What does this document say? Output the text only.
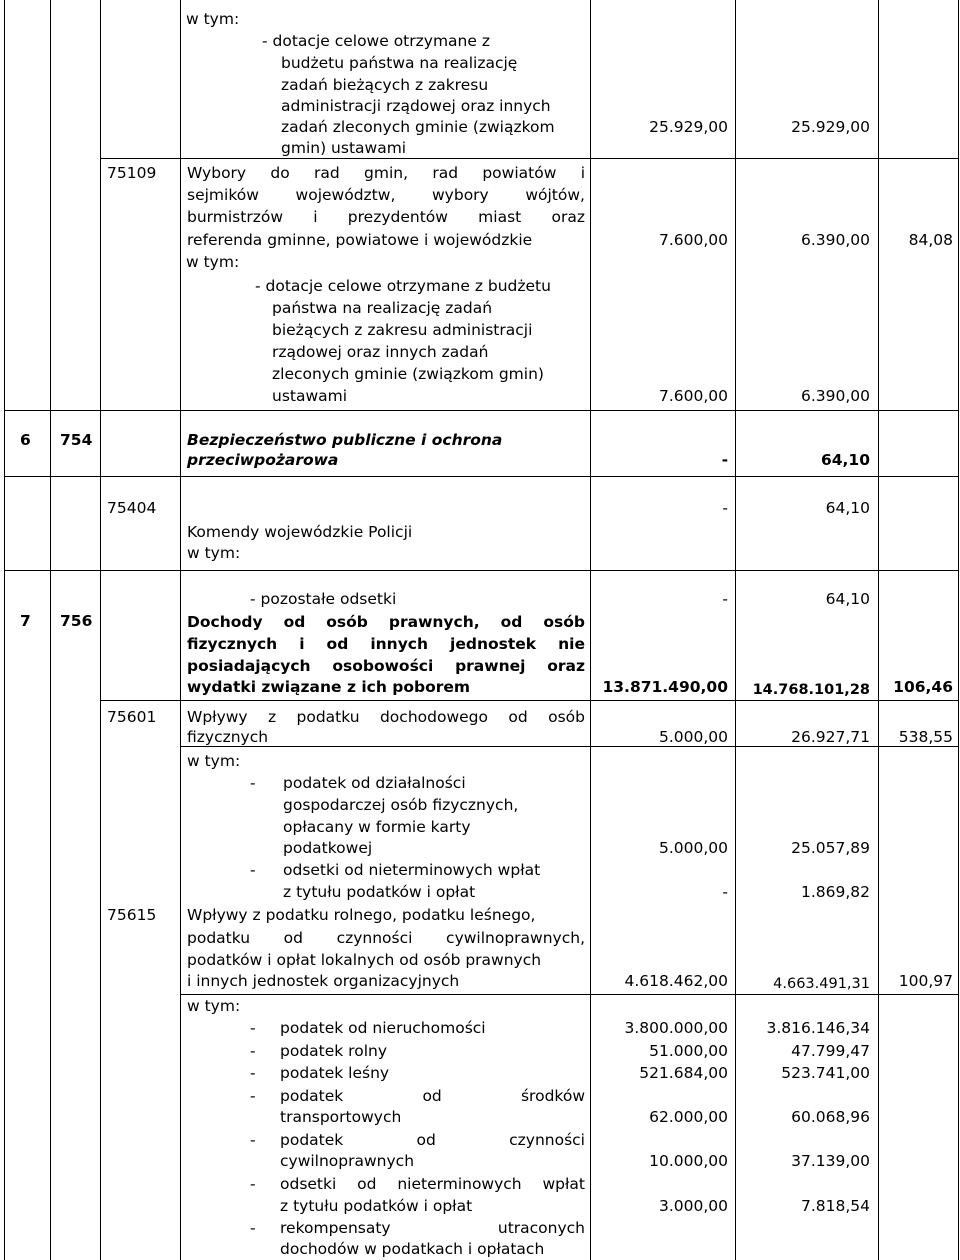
w tym:
- dotacje celowe otrzymane z
budżetu państwa na realizację
zadań bieżących z zakresu
administracji rządowej oraz innych
zadań zleconych gminie (związkom
gmin) ustawami
25.929,00	25.929,00
75109 Wybory do rad gmin, rad powiatów i
sejmików województw, wybory wójtów,
burmistrzów i prezydentów miast oraz
referenda gminne, powiatowe i wojewódzkie	7.600,00	6.390,00 84,08
w tym:
- dotacje celowe otrzymane z budżetu
państwa na realizację zadań
bieżących z zakresu administracji
rządowej oraz innych zadań
zleconych gminie (związkom gmin)
ustawami	7.600,00	6.390,00
6 754	Bezpieczeństwo publiczne i ochrona
przeciwpożarowa	-	64,10
75404	-	64,10
Komendy wojewódzkie Policji
w tym:
- pozostałe odsetki	-	64,10
7 756	Dochody od osób prawnych, od osób
fizycznych i od innych jednostek nie
posiadających osobowości prawnej oraz
wydatki związane z ich poborem	13.871.490,00 14.768.101,28 106,46
75601 Wpływy z podatku dochodowego od osób
fizycznych	5.000,00	26.927,71 538,55
w tym:
- podatek od działalności
gospodarczej osób fizycznych,
opłacany w formie karty
podatkowej	5.000,00	25.057,89
- odsetki od nieterminowych wpłat
z tytułu podatków i opłat	-	1.869,82
75615 Wpływy z podatku rolnego, podatku leśnego,
podatku od czynności cywilnoprawnych,
podatków i opłat lokalnych od osób prawnych
i innych jednostek organizacyjnych	4.618.462,00	4.663.491,31 100,97
w tym:
- podatek od nieruchomości	3.800.000,00 3.816.146,34
- podatek rolny	51.000,00	47.799,47
- podatek leśny	521.684,00	523.741,00
- podatek	od	środków
transportowych	62.000,00	60.068,96
- podatek	od	czynności
cywilnoprawnych	10.000,00	37.139,00
- odsetki od nieterminowych wpłat
z tytułu podatków i opłat	3.000,00	7.818,54
- rekompensaty	utraconych
dochodów w podatkach i opłatach
